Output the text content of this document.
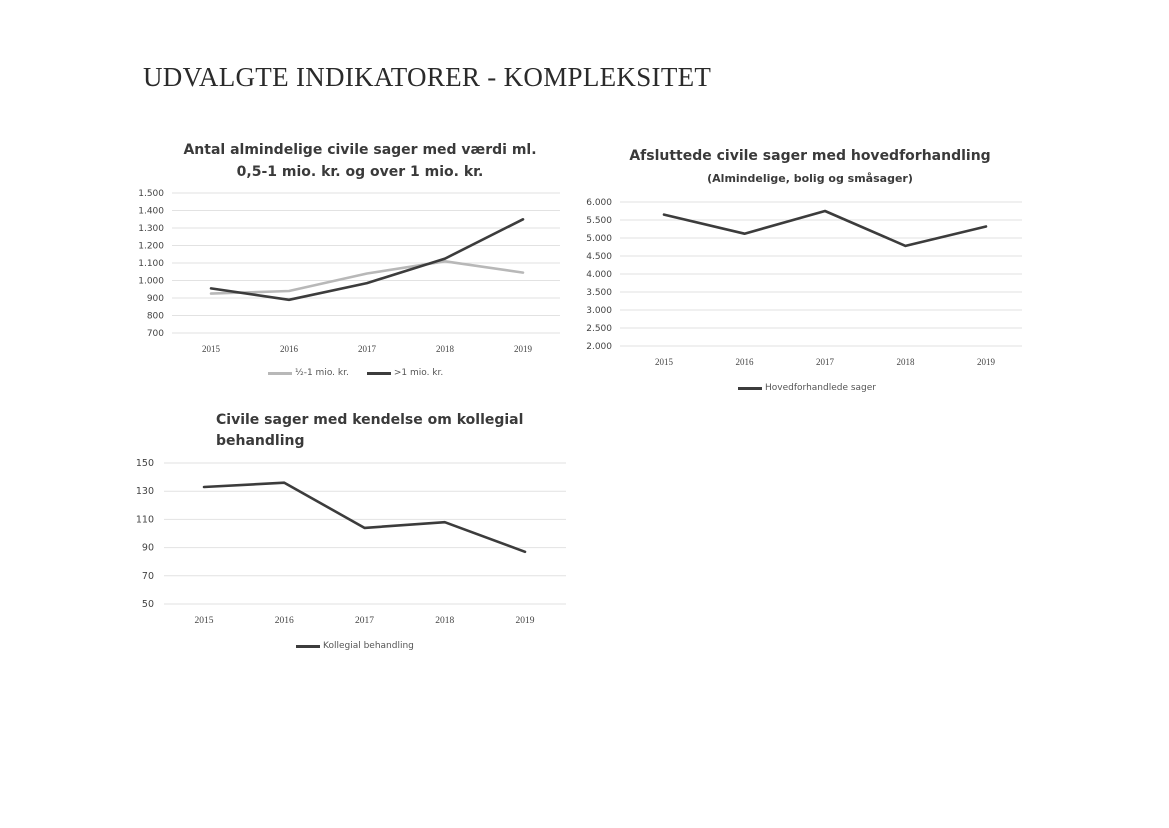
UDVALGTE INDIKATORER - KOMPLEKSITET
Antal almindelige civile sager med værdi ml.
0,5-1 mio. kr. og over 1 mio. kr.
700
800
900
1.000
1.100
1.200
1.300
1.400
1.500
2015	2016	2017	2018	2019
½-1 mio. kr.	>1 mio. kr.
Afsluttede civile sager med hovedforhandling
(Almindelige, bolig og småsager)
2.000
2.500
3.000
3.500
4.000
4.500
5.000
5.500
6.000
2015	2016	2017	2018	2019
Hovedforhandlede sager
Civile sager med kendelse om kollegial
behandling
50
70
90
110
130
150
2015	2016	2017	2018	2019
Kollegial behandling
